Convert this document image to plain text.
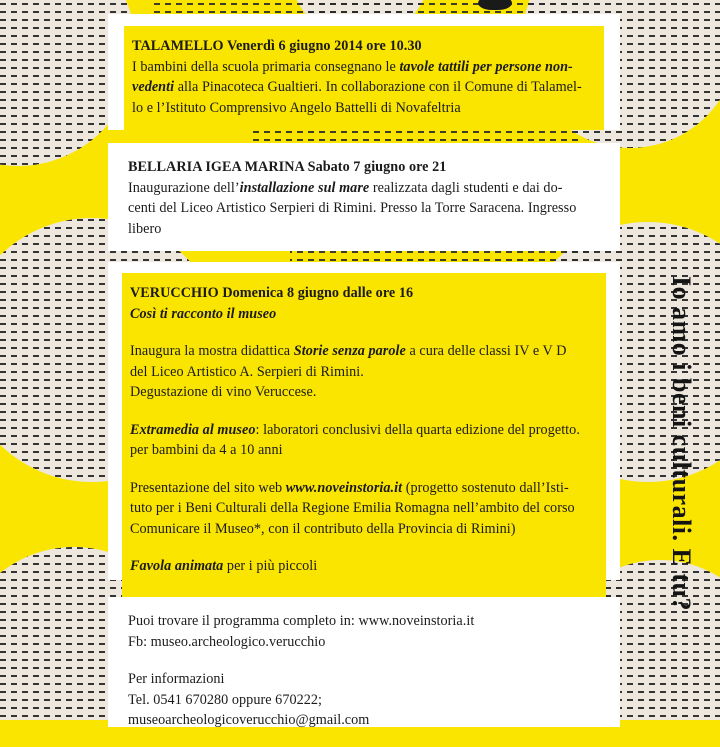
TALAMELLO Venerdì 6 giugno 2014 ore 10.30
I bambini della scuola primaria consegnano le tavole tattili per persone non-
vedenti alla Pinacoteca Gualtieri. In collaborazione con il Comune di Talamel-
lo e l’Istituto Comprensivo Angelo Battelli di Novafeltria
BELLARIA IGEA MARINA Sabato 7 giugno ore 21
Inaugurazione dell’installazione sul mare realizzata dagli studenti e dai do-
centi del Liceo Artistico Serpieri di Rimini. Presso la Torre Saracena. Ingresso
libero
VERUCCHIO Domenica 8 giugno dalle ore 16
Così ti racconto il museo
Inaugura la mostra didattica Storie senza parole a cura delle classi IV e V D
del Liceo Artistico A. Serpieri di Rimini.
Degustazione di vino Veruccese.
Extramedia al museo: laboratori conclusivi della quarta edizione del progetto.
per bambini da 4 a 10 anni
Presentazione del sito web www.noveinstoria.it (progetto sostenuto dall’Isti-
tuto per i Beni Culturali della Regione Emilia Romagna nell’ambito del corso
Comunicare il Museo*, con il contributo della Provincia di Rimini)
Favola animata per i più piccoli
Puoi trovare il programma completo in: www.noveinstoria.it
Fb: museo.archeologico.verucchio
Per informazioni
Tel. 0541 670280 oppure 670222;
museoarcheologicoverucchio@gmail.com
Io amo i beni culturali. E tu?
